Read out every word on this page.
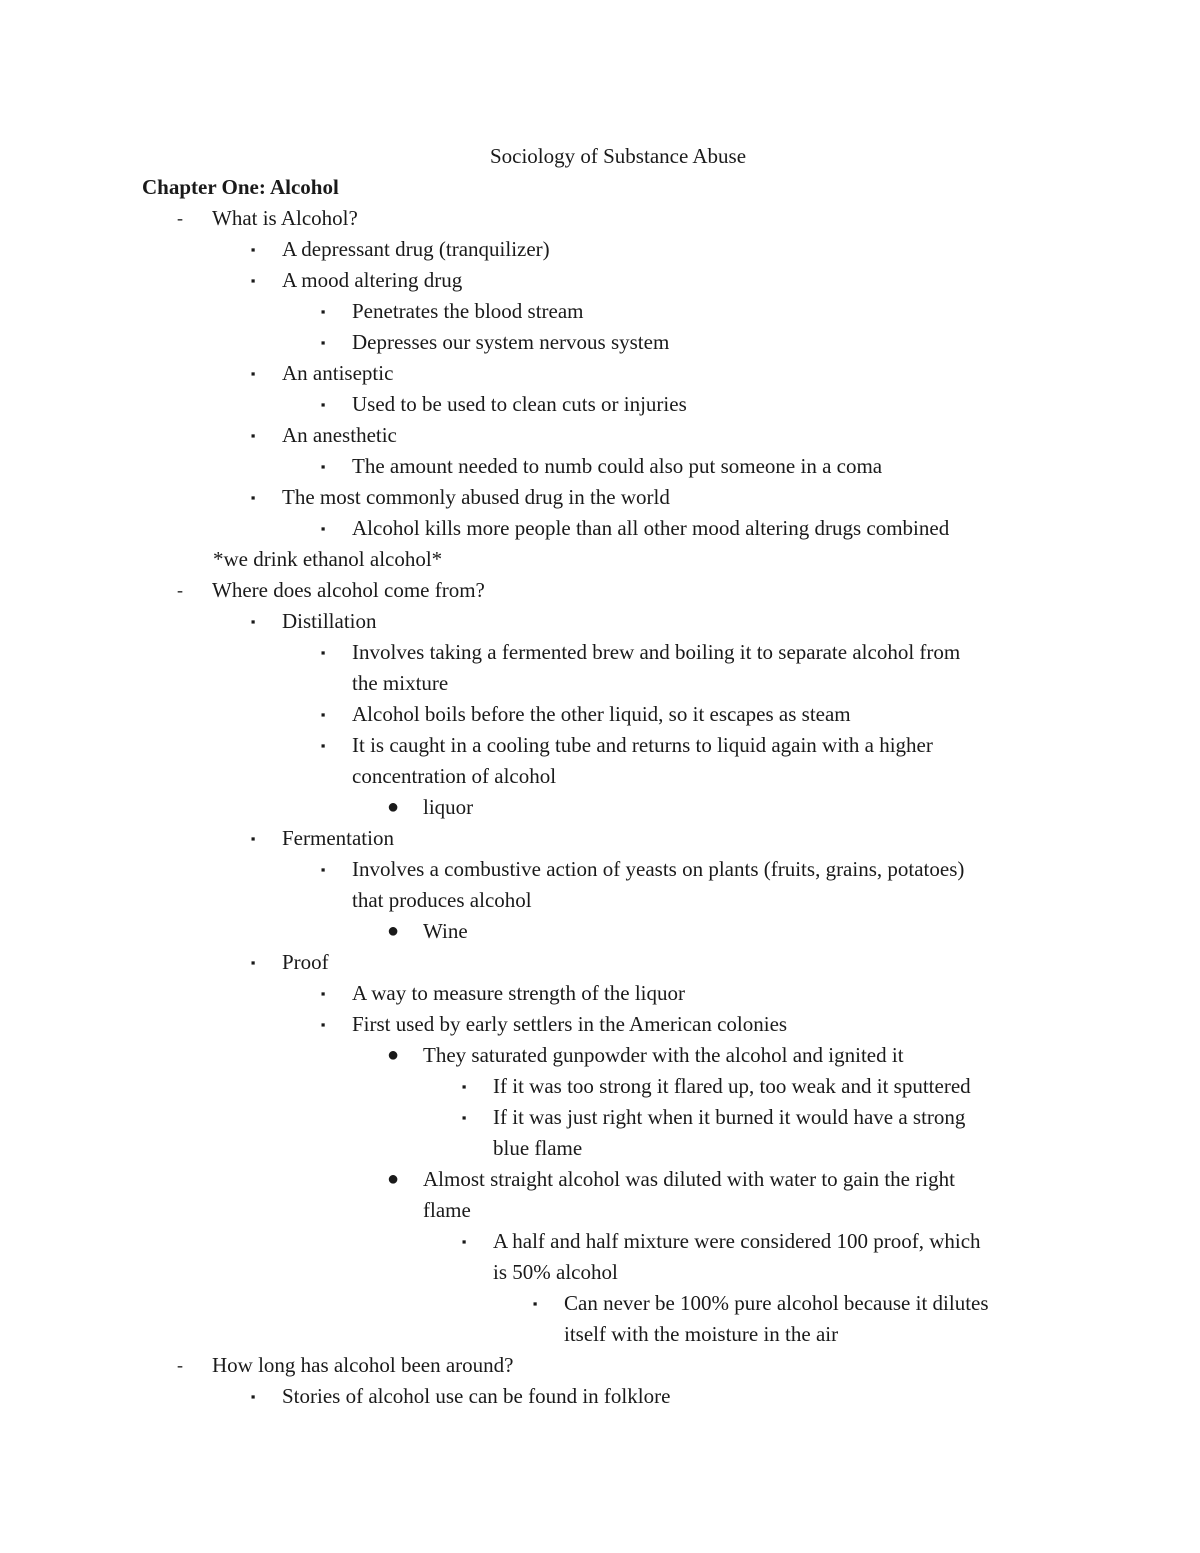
Sociology of Substance Abuse
Chapter One: Alcohol
-	What is Alcohol?
▪	A depressant drug (tranquilizer)
▪	A mood altering drug
▪	Penetrates the blood stream
▪	Depresses our system nervous system
▪	An antiseptic
▪	Used to be used to clean cuts or injuries
▪	An anesthetic
▪	The amount needed to numb could also put someone in a coma
▪	The most commonly abused drug in the world
▪	Alcohol kills more people than all other mood altering drugs combined
*we drink ethanol alcohol*
-	Where does alcohol come from?
▪	Distillation
▪	Involves taking a fermented brew and boiling it to separate alcohol from
the mixture
▪	Alcohol boils before the other liquid, so it escapes as steam
▪	It is caught in a cooling tube and returns to liquid again with a higher
concentration of alcohol
● liquor
▪	Fermentation
▪	Involves a combustive action of yeasts on plants (fruits, grains, potatoes)
that produces alcohol
● Wine
▪	Proof
▪	A way to measure strength of the liquor
▪	First used by early settlers in the American colonies
● They saturated gunpowder with the alcohol and ignited it
▪	If it was too strong it flared up, too weak and it sputtered
▪	If it was just right when it burned it would have a strong
blue flame
● Almost straight alcohol was diluted with water to gain the right
flame
▪	A half and half mixture were considered 100 proof, which
is 50% alcohol
▪	Can never be 100% pure alcohol because it dilutes
itself with the moisture in the air
-	How long has alcohol been around?
▪	Stories of alcohol use can be found in folklore
